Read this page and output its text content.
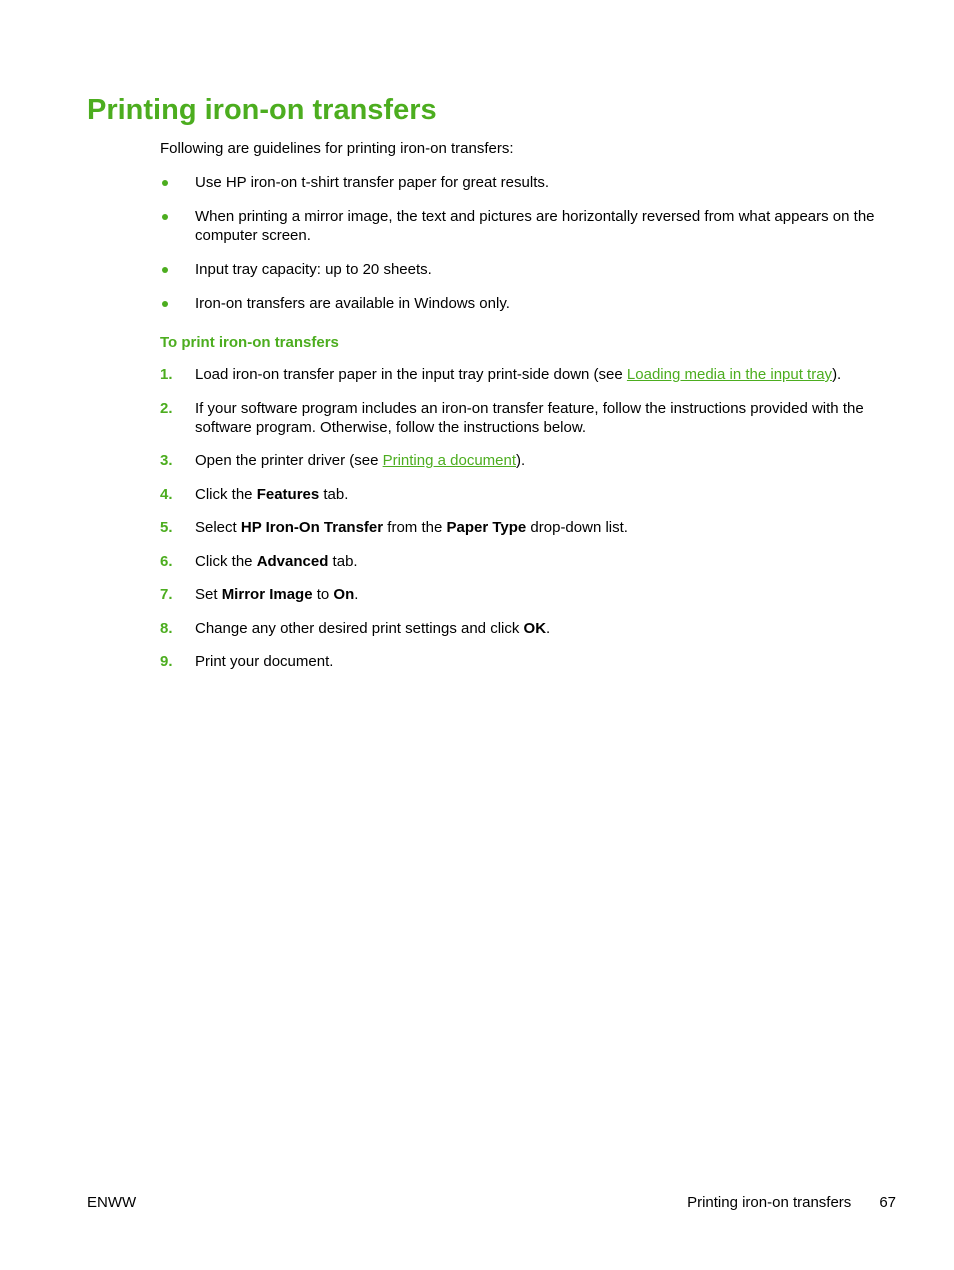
Printing iron-on transfers

Following are guidelines for printing iron-on transfers:

Use HP iron-on t-shirt transfer paper for great results.
When printing a mirror image, the text and pictures are horizontally reversed from what appears on the computer screen.
Input tray capacity: up to 20 sheets.
Iron-on transfers are available in Windows only.
To print iron-on transfers
1. Load iron-on transfer paper in the input tray print-side down (see Loading media in the input tray).
2. If your software program includes an iron-on transfer feature, follow the instructions provided with the software program. Otherwise, follow the instructions below.
3. Open the printer driver (see Printing a document).
4. Click the Features tab.
5. Select HP Iron-On Transfer from the Paper Type drop-down list.
6. Click the Advanced tab.
7. Set Mirror Image to On.
8. Change any other desired print settings and click OK.
9. Print your document.
ENWW	Printing iron-on transfers 67
